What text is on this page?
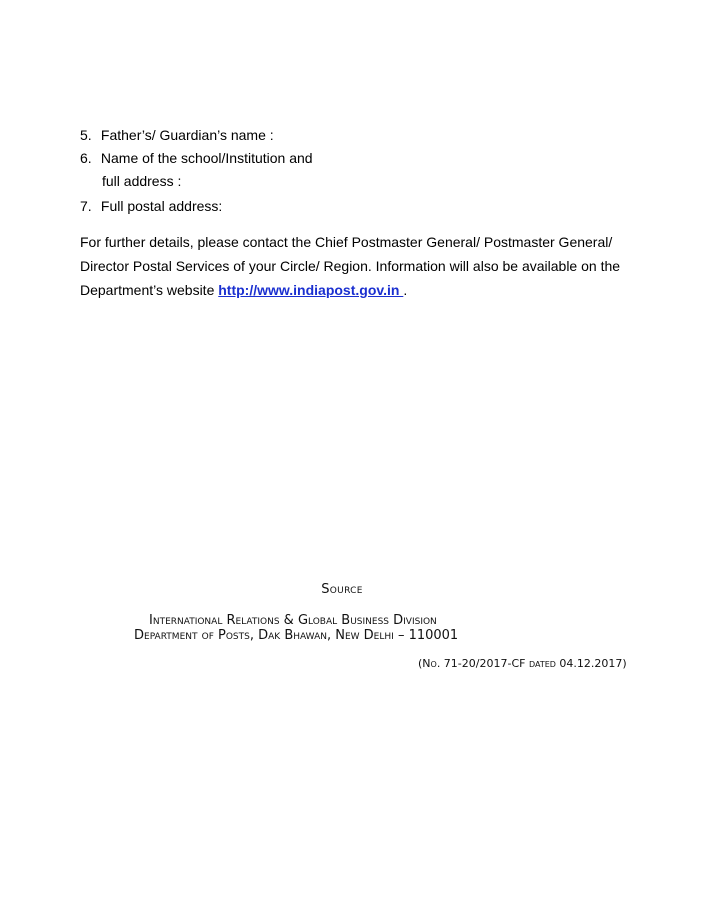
5. Father’s/ Guardian’s name :
6. Name of the school/Institution and
full address :
7. Full postal address:
For further details, please contact the Chief Postmaster General/ Postmaster General/
Director Postal Services of your Circle/ Region. Information will also be available on the
Department’s website http://www.indiapost.gov.in .
Source
International Relations & Global Business Division
Department of Posts, Dak Bhawan, New Delhi – 110001
(No. 71-20/2017-CF dated 04.12.2017)
